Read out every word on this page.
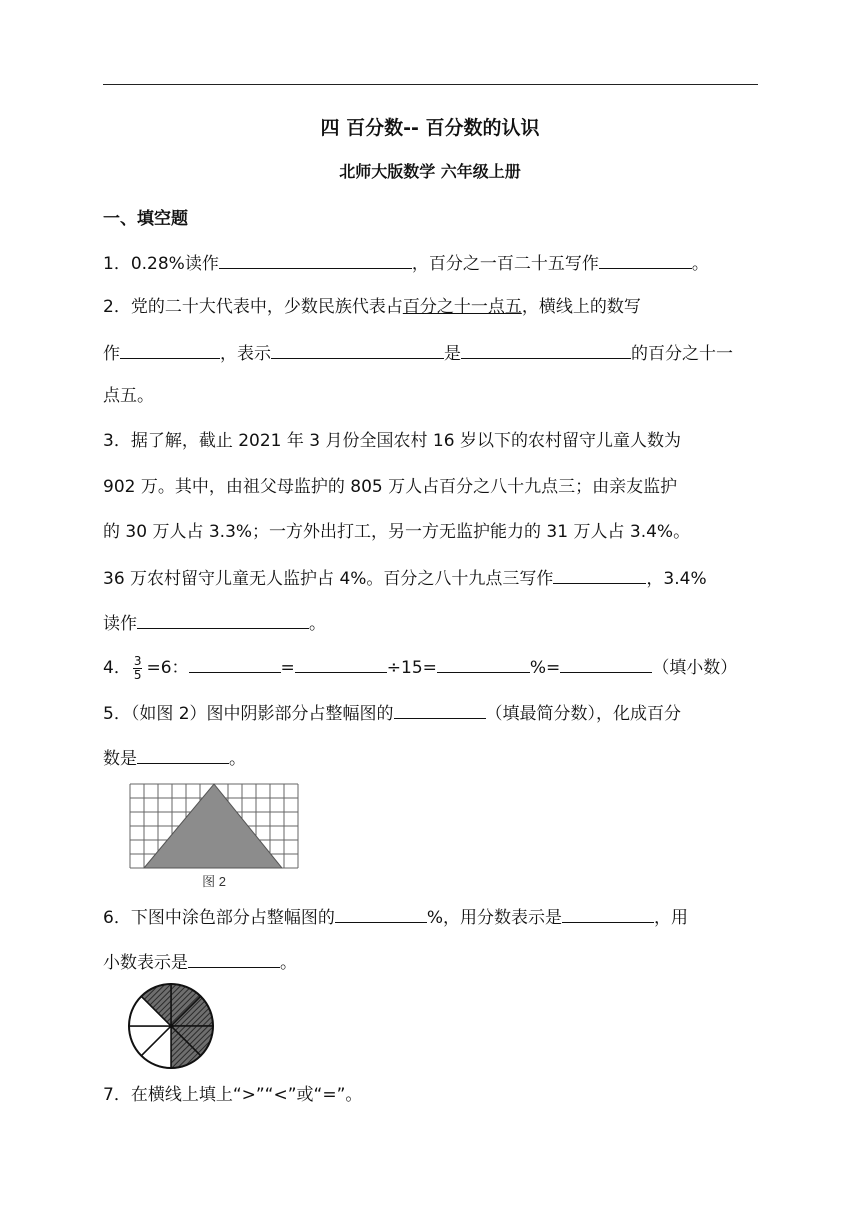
四 百分数-- 百分数的认识
北师大版数学 六年级上册
一、填空题
1．0.28%读作	，百分之一百二十五写作	。
2．党的二十大代表中，少数民族代表占百分之十一点五，横线上的数写
作	，表示	是	的百分之十一
点五。
3．据了解，截止 2021 年 3 月份全国农村 16 岁以下的农村留守儿童人数为
902 万。其中，由祖父母监护的 805 万人占百分之八十九点三；由亲友监护
的 30 万人占 3.3%；一方外出打工，另一方无监护能力的 31 万人占 3.4%。
36 万农村留守儿童无人监护占 4%。百分之八十九点三写作	，3.4%
读作	。
4． $\frac{3}{5} =6$：	=	÷15=	%=	（填小数）
5．（如图 2）图中阴影部分占整幅图的	（填最简分数），化成百分
数是	。
图 2
6．下图中涂色部分占整幅图的	%，用分数表示是	，用
小数表示是	。
7．在横线上填上“>”“<”或“=”。
